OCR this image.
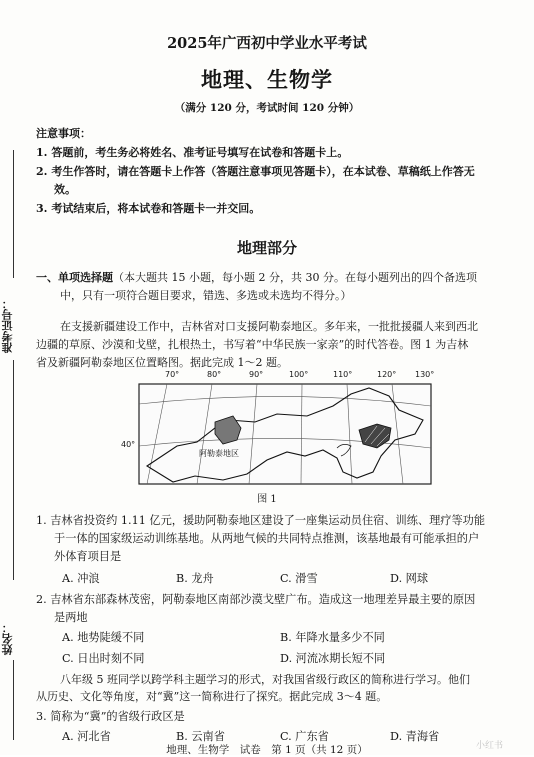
准考证号：
姓名：
2025年广西初中学业水平考试
地理、生物学
（满分 120 分，考试时间 120 分钟）
注意事项：
1. 答题前，考生务必将姓名、准考证号填写在试卷和答题卡上。
2. 考生作答时，请在答题卡上作答（答题注意事项见答题卡），在本试卷、草稿纸上作答无
效。
3. 考试结束后，将本试卷和答题卡一并交回。
地理部分
一、单项选择题（本大题共 15 小题，每小题 2 分，共 30 分。在每小题列出的四个备选项
中，只有一项符合题目要求，错选、多选或未选均不得分。）
在支援新疆建设工作中，吉林省对口支援阿勒泰地区。多年来，一批批援疆人来到西北
边疆的草原、沙漠和戈壁，扎根热土，书写着“中华民族一家亲”的时代答卷。图 1 为吉林
省及新疆阿勒泰地区位置略图。据此完成 1～2 题。
70°	80°	90°	100°	110°	120° 130°
40°
阿勒泰地区
图 1
1. 吉林省投资约 1.11 亿元，援助阿勒泰地区建设了一座集运动员住宿、训练、理疗等功能
于一体的国家级运动训练基地。从两地气候的共同特点推测，该基地最有可能承担的户
外体育项目是
A. 冲浪	B. 龙舟	C. 滑雪	D. 网球
2. 吉林省东部森林茂密，阿勒泰地区南部沙漠戈壁广布。造成这一地理差异最主要的原因
是两地
A. 地势陡缓不同	B. 年降水量多少不同
C. 日出时刻不同	D. 河流冰期长短不同
八年级 5 班同学以跨学科主题学习的形式，对我国省级行政区的简称进行学习。他们
从历史、文化等角度，对“冀”这一简称进行了探究。据此完成 3～4 题。
3. 简称为“冀”的省级行政区是
A. 河北省	B. 云南省	C. 广东省	D. 青海省
地理、生物学　试卷　第 1 页（共 12 页）	小红书
